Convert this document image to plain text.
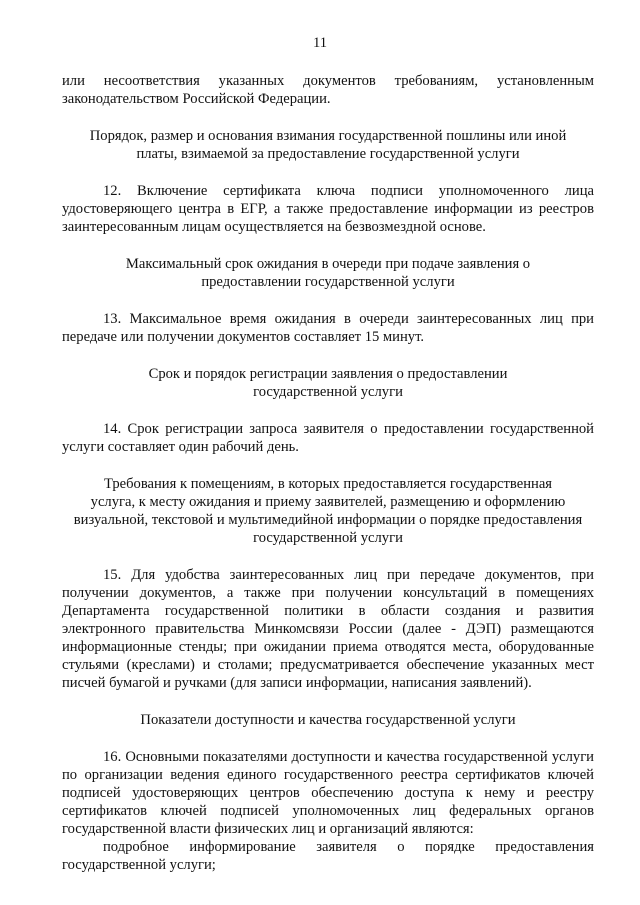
11

или несоответствия указанных документов требованиям, установленным законодательством Российской Федерации.

Порядок, размер и основания взимания государственной пошлины или иной
платы, взимаемой за предоставление государственной услуги

12. Включение сертификата ключа подписи уполномоченного лица удостоверяющего центра в ЕГР, а также предоставление информации из реестров заинтересованным лицам осуществляется на безвозмездной основе.

Максимальный срок ожидания в очереди при подаче заявления о
предоставлении государственной услуги

13. Максимальное время ожидания в очереди заинтересованных лиц при передаче или получении документов составляет 15 минут.

Срок и порядок регистрации заявления о предоставлении
государственной услуги

14. Срок регистрации запроса заявителя о предоставлении государственной услуги составляет один рабочий день.

Требования к помещениям, в которых предоставляется государственная
услуга, к месту ожидания и приему заявителей, размещению и оформлению
визуальной, текстовой и мультимедийной информации о порядке предоставления
государственной услуги

15. Для удобства заинтересованных лиц при передаче документов, при получении документов, а также при получении консультаций в помещениях Департамента государственной политики в области создания и развития электронного правительства Минкомсвязи России (далее - ДЭП) размещаются информационные стенды; при ожидании приема отводятся места, оборудованные стульями (креслами) и столами; предусматривается обеспечение указанных мест писчей бумагой и ручками (для записи информации, написания заявлений).

Показатели доступности и качества государственной услуги

16. Основными показателями доступности и качества государственной услуги по организации ведения единого государственного реестра сертификатов ключей подписей удостоверяющих центров обеспечению доступа к нему и реестру сертификатов ключей подписей уполномоченных лиц федеральных органов государственной власти физических лиц и организаций являются:

подробное информирование заявителя о порядке предоставления государственной услуги;
